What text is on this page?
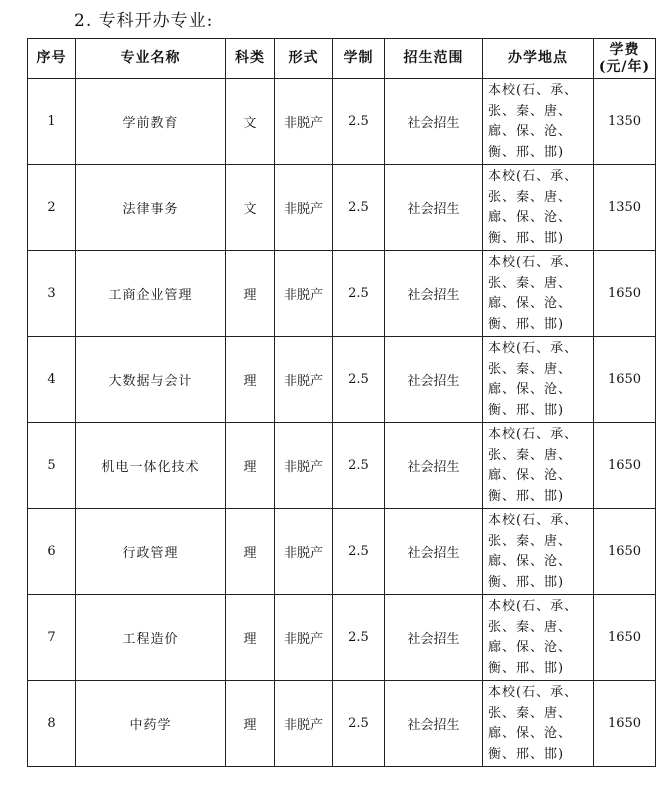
2. 专科开办专业:
序号	专业名称	科类	形式	学制	招生范围	办学地点	学费
(元/年)

1	学前教育	文	非脱产	2.5	社会招生	本校(石、承、张、秦、唐、廊、保、沧、衡、邢、邯)	1350
2	法律事务	文	非脱产	2.5	社会招生	本校(石、承、张、秦、唐、廊、保、沧、衡、邢、邯)	1350
3	工商企业管理	理	非脱产	2.5	社会招生	本校(石、承、张、秦、唐、廊、保、沧、衡、邢、邯)	1650
4	大数据与会计	理	非脱产	2.5	社会招生	本校(石、承、张、秦、唐、廊、保、沧、衡、邢、邯)	1650
5	机电一体化技术	理	非脱产	2.5	社会招生	本校(石、承、张、秦、唐、廊、保、沧、衡、邢、邯)	1650
6	行政管理	理	非脱产	2.5	社会招生	本校(石、承、张、秦、唐、廊、保、沧、衡、邢、邯)	1650
7	工程造价	理	非脱产	2.5	社会招生	本校(石、承、张、秦、唐、廊、保、沧、衡、邢、邯)	1650
8	中药学	理	非脱产	2.5	社会招生	本校(石、承、张、秦、唐、廊、保、沧、衡、邢、邯)	1650
